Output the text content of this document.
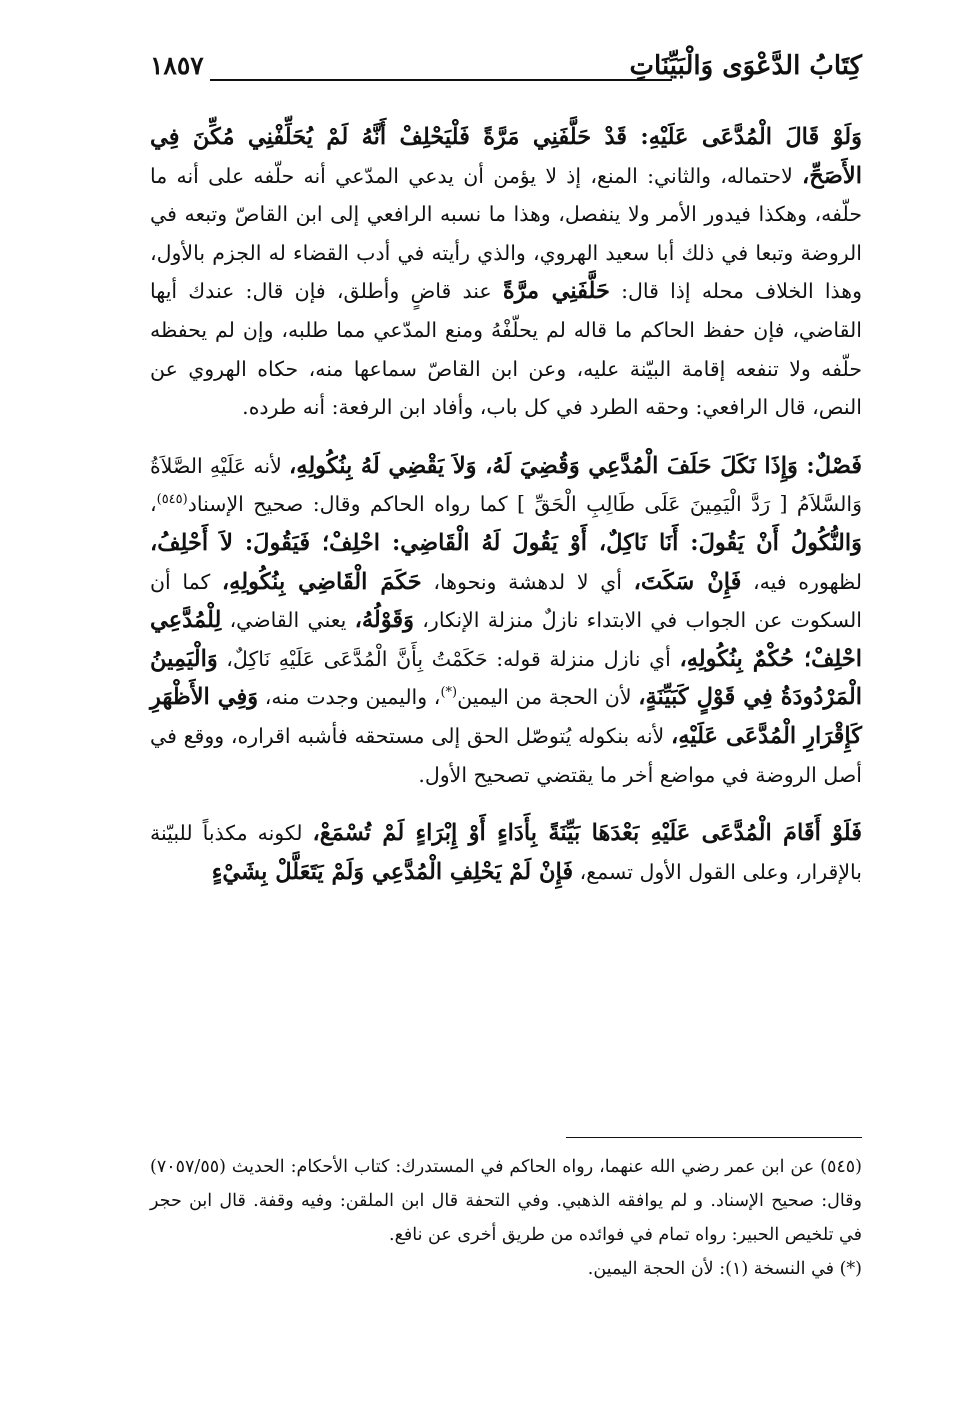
كِتَابُ الدَّعْوَى وَالْبَيِّنَاتِ
١٨٥٧

وَلَوْ قَالَ الْمُدَّعَى عَلَيْهِ: قَدْ حَلَّفَنِي مَرَّةً فَلْيَحْلِفْ أَنَّهُ لَمْ يُحَلِّفْنِي مُكِّنَ فِي الأَصَحِّ، لاحتماله، والثاني: المنع، إذ لا يؤمن أن يدعي المدّعي أنه حلّفه على أنه ما حلّفه، وهكذا فيدور الأمر ولا ينفصل، وهذا ما نسبه الرافعي إلى ابن القاصّ وتبعه في الروضة وتبعا في ذلك أبا سعيد الهروي، والذي رأيته في أدب القضاء له الجزم بالأول، وهذا الخلاف محله إذا قال: حَلَّفَنِي مرَّةً عند قاضٍ وأطلق، فإن قال: عندك أيها القاضي، فإن حفظ الحاكم ما قاله لم يحلّفْهُ ومنع المدّعي مما طلبه، وإن لم يحفظه حلّفه ولا تنفعه إقامة البيّنة عليه، وعن ابن القاصّ سماعها منه، حكاه الهروي عن النص، قال الرافعي: وحقه الطرد في كل باب، وأفاد ابن الرفعة: أنه طرده.

فَصْلٌ: وَإِذَا نَكَلَ حَلَفَ الْمُدَّعِي وَقُضِيَ لَهُ، وَلاَ يَقْضِي لَهُ بِنُكُولِهِ، لأنه عَلَيْهِ الصَّلاَةُ وَالسَّلاَمُ [ رَدَّ الْيَمِينَ عَلَى طَالِبِ الْحَقِّ ] كما رواه الحاكم وقال: صحيح الإسناد$^{(٥٤٥)}$، وَالنُّكُولُ أَنْ يَقُولَ: أَنَا نَاكِلٌ، أَوْ يَقُولَ لَهُ الْقَاضِي: احْلِفْ؛ فَيَقُولَ: لاَ أَحْلِفُ، لظهوره فيه، فَإِنْ سَكَتَ، أي لا لدهشة ونحوها، حَكَمَ الْقَاضِي بِنُكُولِهِ، كما أن السكوت عن الجواب في الابتداء نازلٌ منزلة الإنكار، وَقَوْلُهُ، يعني القاضي، لِلْمُدَّعِي احْلِفْ؛ حُكْمٌ بِنُكُولِهِ، أي نازل منزلة قوله: حَكَمْتُ بِأَنَّ الْمُدَّعَى عَلَيْهِ نَاكِلٌ، وَالْيَمِينُ الْمَرْدُودَةُ فِي قَوْلٍ كَبَيِّنَةٍ، لأن الحجة من اليمين(*)، واليمين وجدت منه، وَفِي الأَظْهَرِ كَإِقْرَارِ الْمُدَّعَى عَلَيْهِ، لأنه بنكوله يُتوصّل الحق إلى مستحقه فأشبه اقراره، ووقع في أصل الروضة في مواضع أخر ما يقتضي تصحيح الأول.

فَلَوْ أَقَامَ الْمُدَّعَى عَلَيْهِ بَعْدَهَا بَيِّنَةً بِأَدَاءٍ أَوْ إِبْرَاءٍ لَمْ تُسْمَعْ، لكونه مكذباً للبيّنة بالإقرار، وعلى القول الأول تسمع، فَإِنْ لَمْ يَحْلِفِ الْمُدَّعِي وَلَمْ يَتَعَلَّلْ بِشَيْءٍ

(٥٤٥) عن ابن عمر رضي الله عنهما، رواه الحاكم في المستدرك: كتاب الأحكام: الحديث (٧٠٥٧/٥٥) وقال: صحيح الإسناد. و لم يوافقه الذهبي. وفي التحفة قال ابن الملقن: وفيه وقفة. قال ابن حجر في تلخيص الحبير: رواه تمام في فوائده من طريق أخرى عن نافع.

(*) في النسخة (١): لأن الحجة اليمين.
